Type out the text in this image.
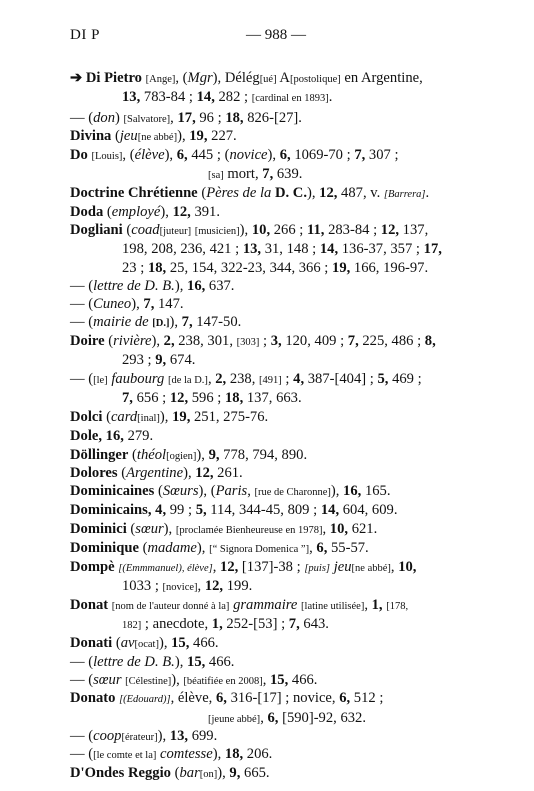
DI P	— 988 —
➔ Di Pietro [Ange], (Mgr), Délég[ué] A[postolique] en Argentine,
13, 783-84 ; 14, 282 ; [cardinal en 1893].
— (don) [Salvatore], 17, 96 ; 18, 826-[27].
Divina (jeu[ne abbé]), 19, 227.
Do [Louis], (élève), 6, 445 ; (novice), 6, 1069-70 ; 7, 307 ;
[sa] mort, 7, 639.
Doctrine Chrétienne (Pères de la D. C.), 12, 487, v. [Barrera].
Doda (employé), 12, 391.
Dogliani (coad[juteur] [musicien]), 10, 266 ; 11, 283-84 ; 12, 137,
198, 208, 236, 421 ; 13, 31, 148 ; 14, 136-37, 357 ; 17,
23 ; 18, 25, 154, 322-23, 344, 366 ; 19, 166, 196-97.
— (lettre de D. B.), 16, 637.
— (Cuneo), 7, 147.
— (mairie de [D.]), 7, 147-50.
Doire (rivière), 2, 238, 301, [303] ; 3, 120, 409 ; 7, 225, 486 ; 8,
293 ; 9, 674.
— ([le] faubourg [de la D.], 2, 238, [491] ; 4, 387-[404] ; 5, 469 ;
7, 656 ; 12, 596 ; 18, 137, 663.
Dolci (card[inal]), 19, 251, 275-76.
Dole, 16, 279.
Döllinger (théol[ogien]), 9, 778, 794, 890.
Dolores (Argentine), 12, 261.
Dominicaines (Sœurs), (Paris, [rue de Charonne]), 16, 165.
Dominicains, 4, 99 ; 5, 114, 344-45, 809 ; 14, 604, 609.
Dominici (sœur), [proclamée Bienheureuse en 1978], 10, 621.
Dominique (madame), [“ Signora Domenica ”], 6, 55-57.
Dompè [(Emmmanuel), élève], 12, [137]-38 ; [puis] jeu[ne abbé], 10,
1033 ; [novice], 12, 199.
Donat [nom de l'auteur donné à la] grammaire [latine utilisée], 1, [178,
182] ; anecdote, 1, 252-[53] ; 7, 643.
Donati (av[ocat]), 15, 466.
— (lettre de D. B.), 15, 466.
— (sœur [Célestine]), [béatifiée en 2008], 15, 466.
Donato [(Edouard)], élève, 6, 316-[17] ; novice, 6, 512 ;
[jeune abbé], 6, [590]-92, 632.
— (coop[érateur]), 13, 699.
— ([le comte et la] comtesse), 18, 206.
D'Ondes Reggio (bar[on]), 9, 665.
